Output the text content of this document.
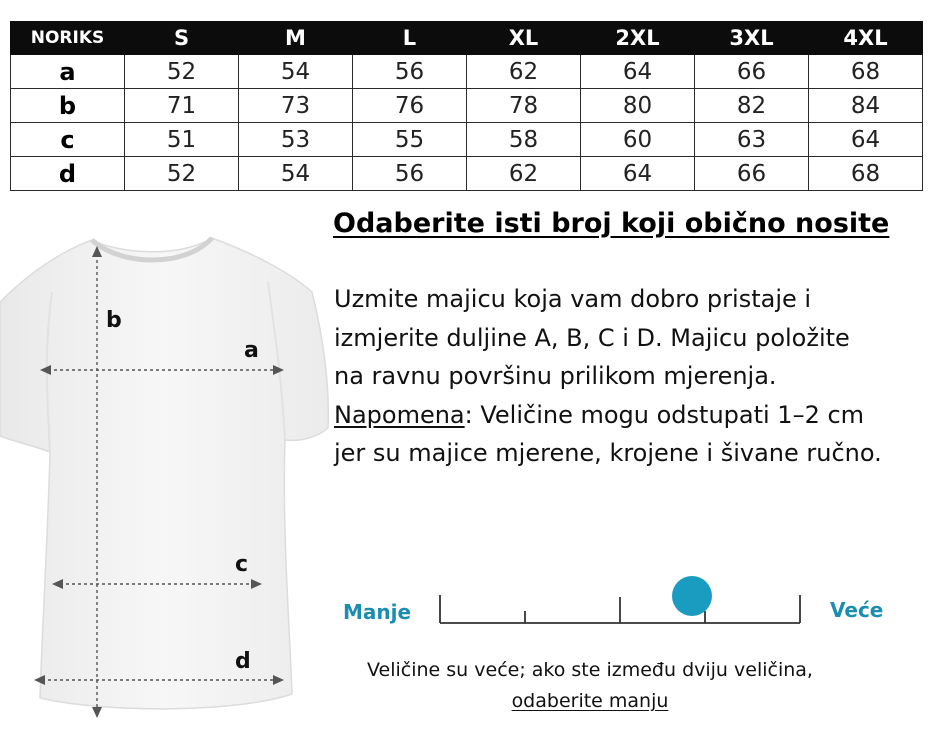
NORIKS	S	M	L	XL	2XL	3XL	4XL
a	52	54	56	62	64	66	68
b	71	73	76	78	80	82	84
c	51	53	55	58	60	63	64
d	52	54	56	62	64	66	68
b
a
c
d
Odaberite isti broj koji obično nosite

Uzmite majicu koja vam dobro pristaje i izmjerite duljine A, B, C i D. Majicu položite na ravnu površinu prilikom mjerenja.

Napomena: Veličine mogu odstupati 1–2 cm jer su majice mjerene, krojene i šivane ručno.

Manje	Veće
Veličine su veće; ako ste između dviju veličina,
odaberite manju
